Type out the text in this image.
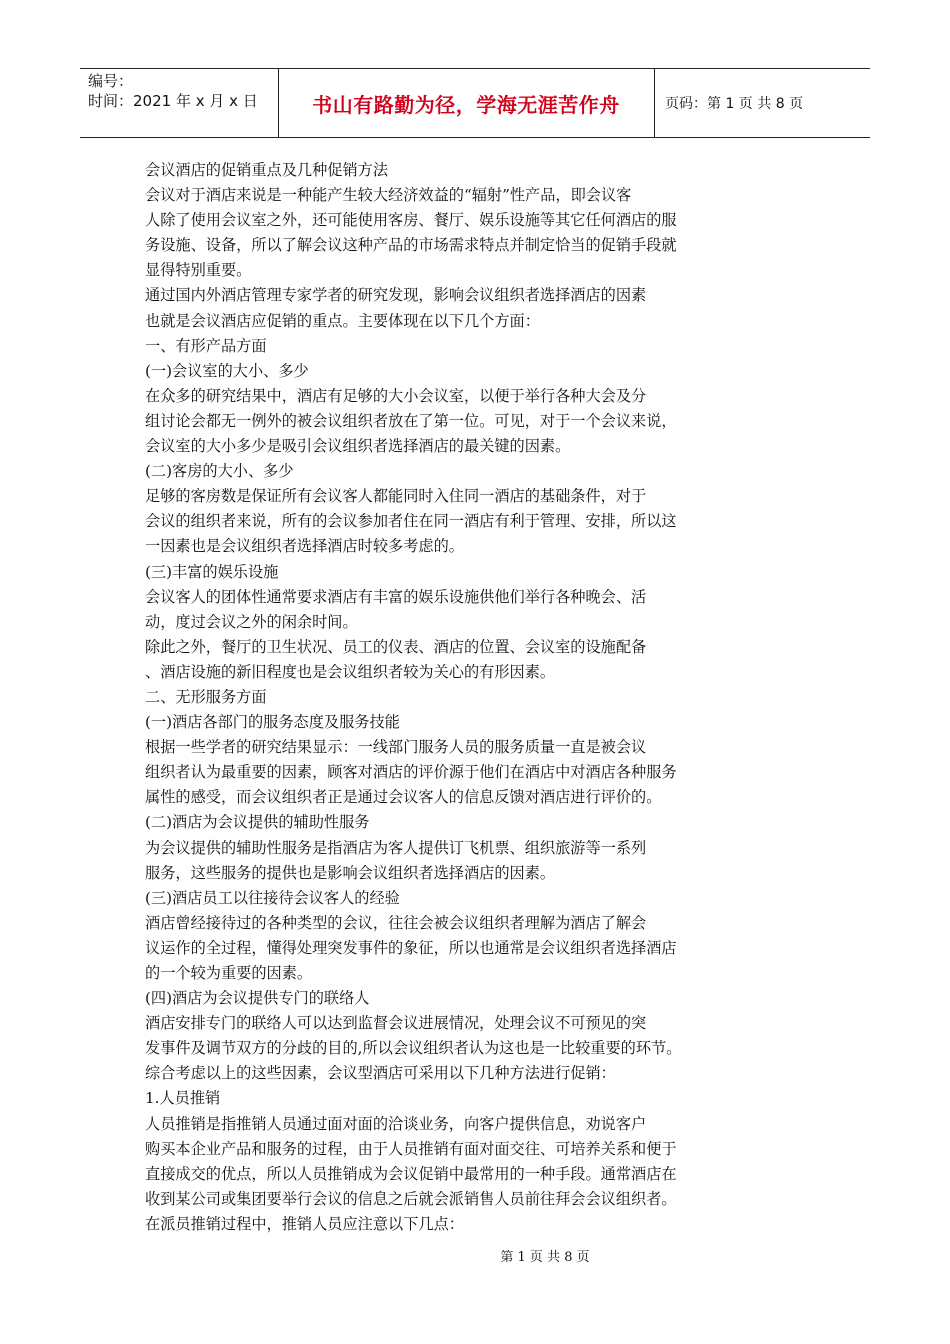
编号：
时间：2021 年 x 月 x 日	书山有路勤为径，学海无涯苦作舟	页码：第 1 页 共 8 页
会议酒店的促销重点及几种促销方法
会议对于酒店来说是一种能产生较大经济效益的“辐射”性产品，即会议客
人除了使用会议室之外，还可能使用客房、餐厅、娱乐设施等其它任何酒店的服
务设施、设备，所以了解会议这种产品的市场需求特点并制定恰当的促销手段就
显得特别重要。
通过国内外酒店管理专家学者的研究发现，影响会议组织者选择酒店的因素
也就是会议酒店应促销的重点。主要体现在以下几个方面：
一、有形产品方面
(一)会议室的大小、多少
在众多的研究结果中，酒店有足够的大小会议室，以便于举行各种大会及分
组讨论会都无一例外的被会议组织者放在了第一位。可见，对于一个会议来说，
会议室的大小多少是吸引会议组织者选择酒店的最关键的因素。
(二)客房的大小、多少
足够的客房数是保证所有会议客人都能同时入住同一酒店的基础条件，对于
会议的组织者来说，所有的会议参加者住在同一酒店有利于管理、安排，所以这
一因素也是会议组织者选择酒店时较多考虑的。
(三)丰富的娱乐设施
会议客人的团体性通常要求酒店有丰富的娱乐设施供他们举行各种晚会、活
动，度过会议之外的闲余时间。
除此之外，餐厅的卫生状况、员工的仪表、酒店的位置、会议室的设施配备
、酒店设施的新旧程度也是会议组织者较为关心的有形因素。
二、无形服务方面
(一)酒店各部门的服务态度及服务技能
根据一些学者的研究结果显示：一线部门服务人员的服务质量一直是被会议
组织者认为最重要的因素，顾客对酒店的评价源于他们在酒店中对酒店各种服务
属性的感受，而会议组织者正是通过会议客人的信息反馈对酒店进行评价的。
(二)酒店为会议提供的辅助性服务
为会议提供的辅助性服务是指酒店为客人提供订飞机票、组织旅游等一系列
服务，这些服务的提供也是影响会议组织者选择酒店的因素。
(三)酒店员工以往接待会议客人的经验
酒店曾经接待过的各种类型的会议，往往会被会议组织者理解为酒店了解会
议运作的全过程，懂得处理突发事件的象征，所以也通常是会议组织者选择酒店
的一个较为重要的因素。
(四)酒店为会议提供专门的联络人
酒店安排专门的联络人可以达到监督会议进展情况，处理会议不可预见的突
发事件及调节双方的分歧的目的,所以会议组织者认为这也是一比较重要的环节。
综合考虑以上的这些因素，会议型酒店可采用以下几种方法进行促销：
1.人员推销
人员推销是指推销人员通过面对面的洽谈业务，向客户提供信息，劝说客户
购买本企业产品和服务的过程，由于人员推销有面对面交往、可培养关系和便于
直接成交的优点，所以人员推销成为会议促销中最常用的一种手段。通常酒店在
收到某公司或集团要举行会议的信息之后就会派销售人员前往拜会会议组织者。
在派员推销过程中，推销人员应注意以下几点：
第 1 页 共 8 页
